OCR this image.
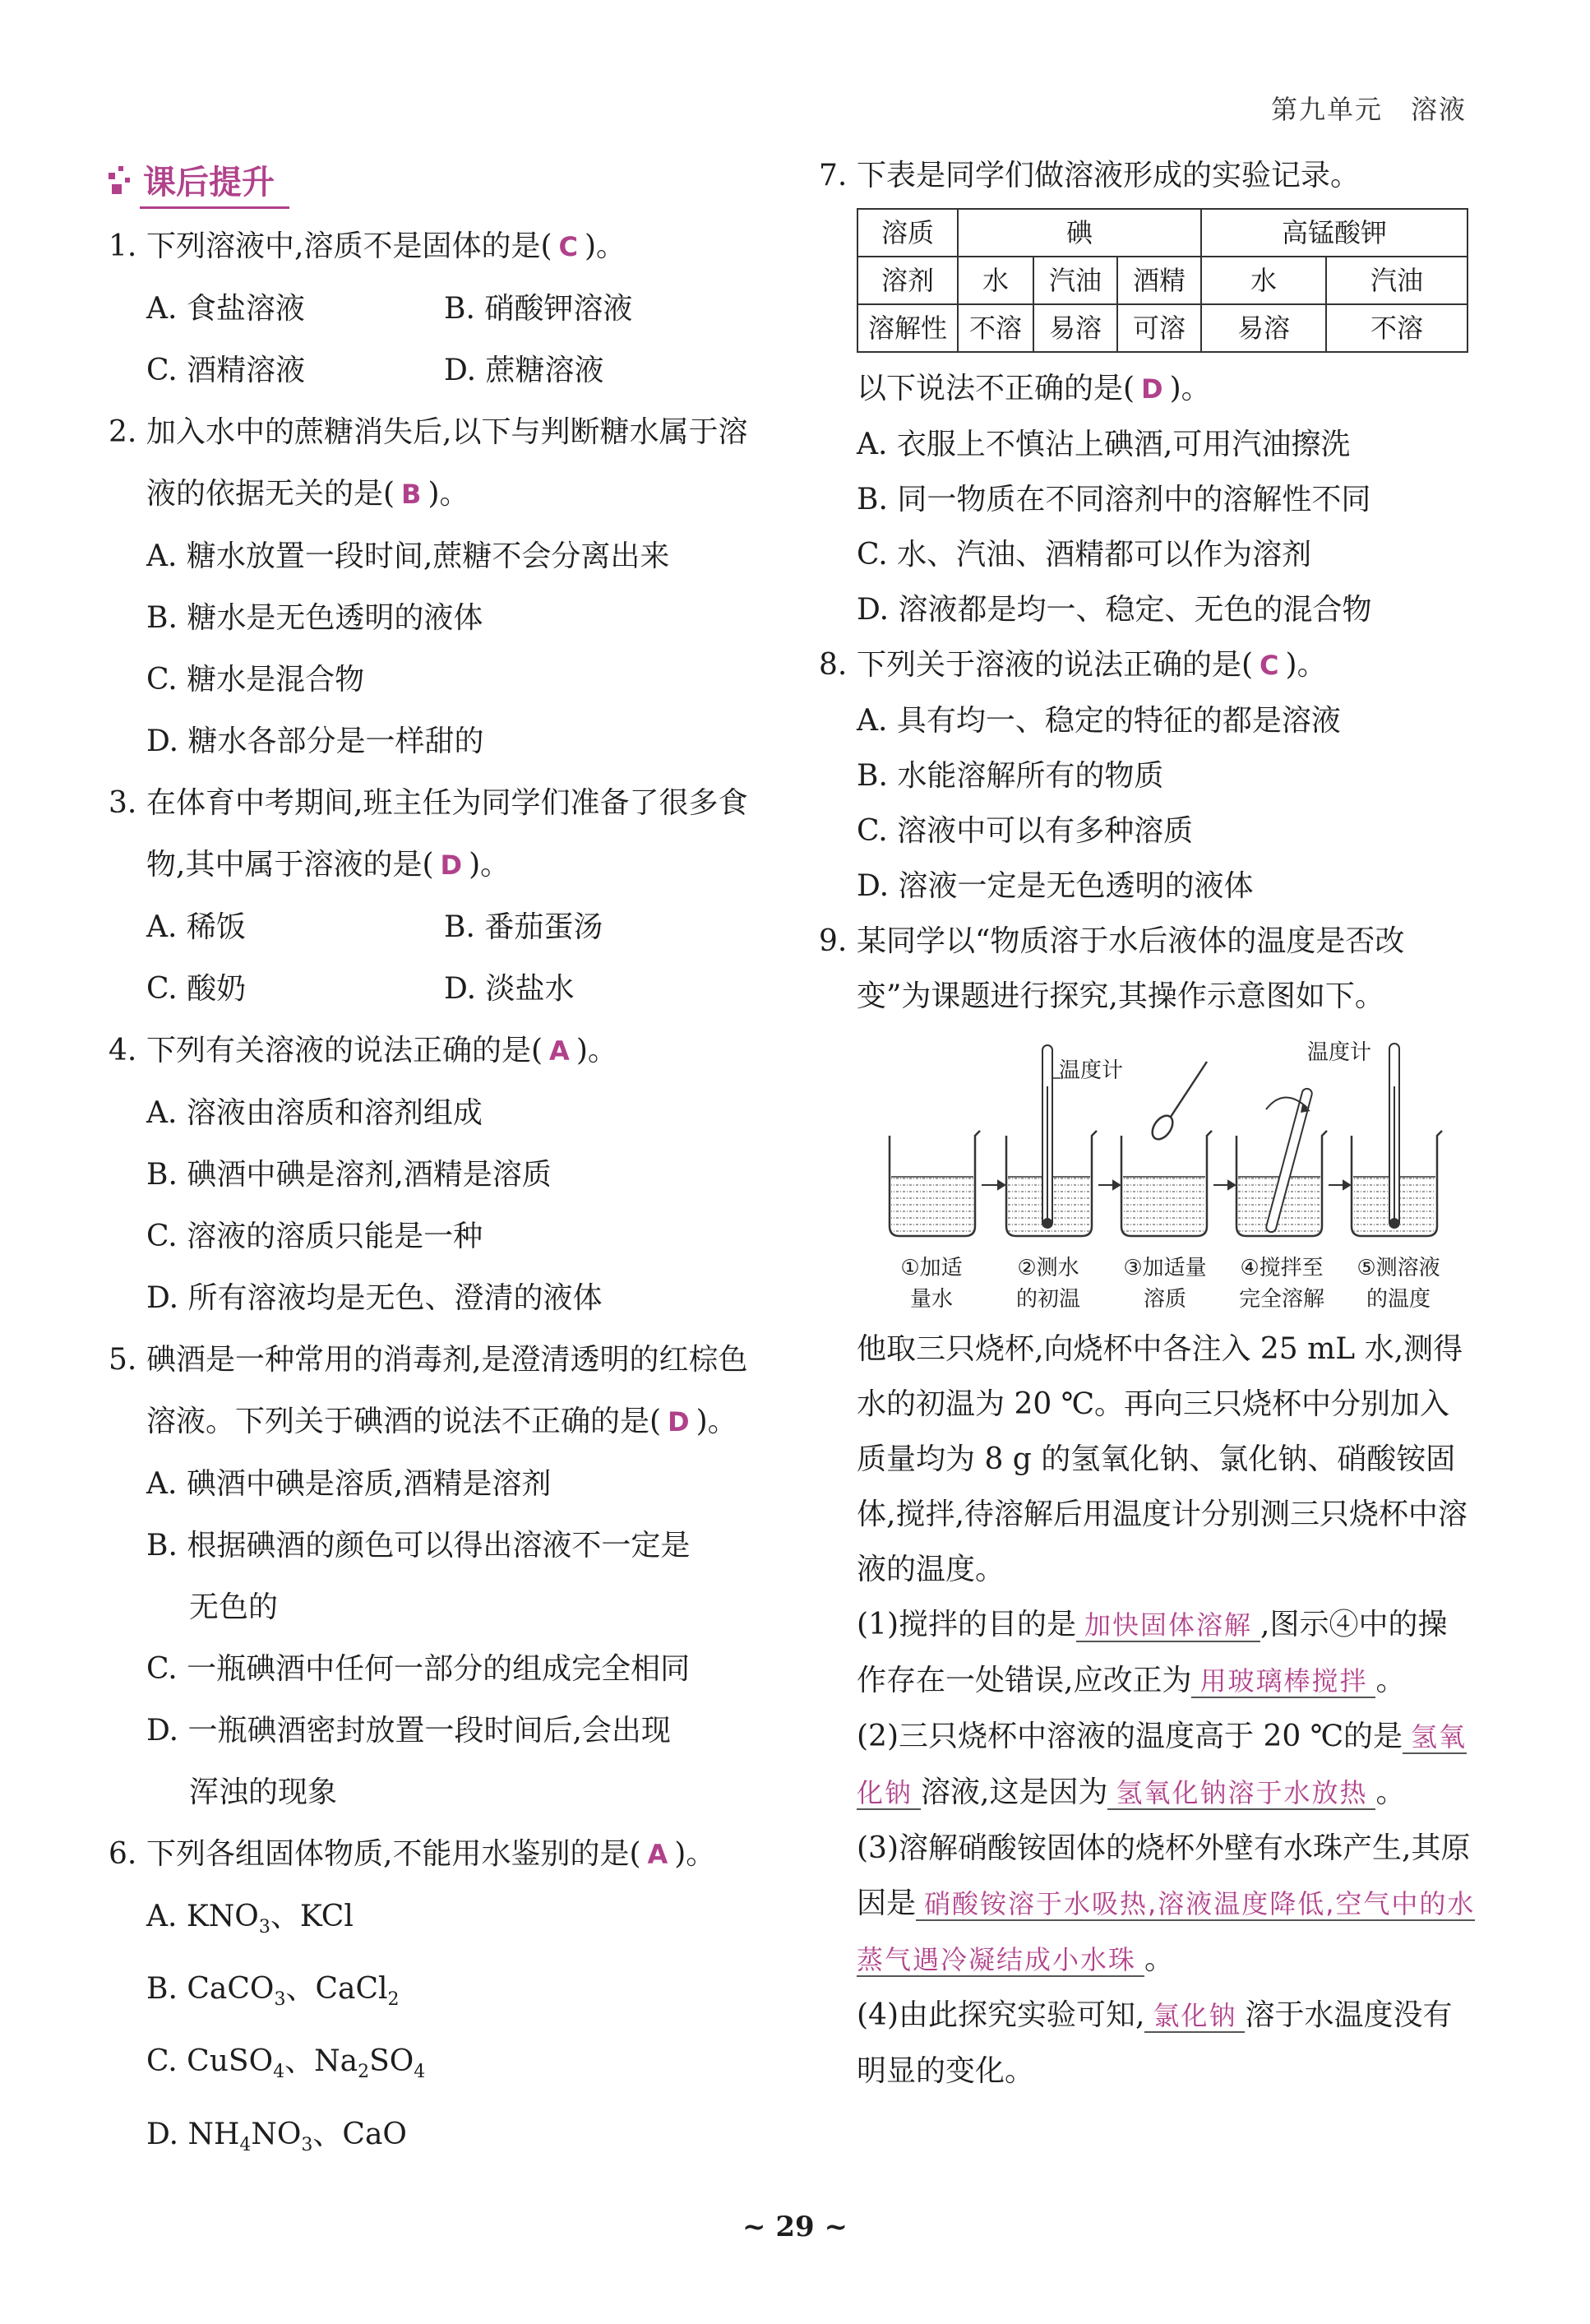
第九单元 溶液
课后提升

1. 下列溶液中,溶质不是固体的是( C )。

A. 食盐溶液	B. 硝酸钾溶液
C. 酒精溶液	D. 蔗糖溶液

2. 加入水中的蔗糖消失后,以下与判断糖水属于溶液的依据无关的是( B )。

A. 糖水放置一段时间,蔗糖不会分离出来

B. 糖水是无色透明的液体

C. 糖水是混合物

D. 糖水各部分是一样甜的

3. 在体育中考期间,班主任为同学们准备了很多食物,其中属于溶液的是( D )。

A. 稀饭	B. 番茄蛋汤
C. 酸奶	D. 淡盐水

4. 下列有关溶液的说法正确的是( A )。

A. 溶液由溶质和溶剂组成

B. 碘酒中碘是溶剂,酒精是溶质

C. 溶液的溶质只能是一种

D. 所有溶液均是无色、澄清的液体

5. 碘酒是一种常用的消毒剂,是澄清透明的红棕色溶液。下列关于碘酒的说法不正确的是( D )。

A. 碘酒中碘是溶质,酒精是溶剂

B. 根据碘酒的颜色可以得出溶液不一定是
无色的

C. 一瓶碘酒中任何一部分的组成完全相同

D. 一瓶碘酒密封放置一段时间后,会出现
浑浊的现象

6. 下列各组固体物质,不能用水鉴别的是( A )。

A. $KNO_3$、KCl

B. CaCO$_3$、CaCl$_2$

C. CuSO$_4$、$Na_2SO_4$

D. $NH_4NO_3$、CaO

7. 下表是同学们做溶液形成的实验记录。

溶质	碘			高锰酸钾	
溶剂	水	汽油	酒精	水	汽油
溶解性	不溶	易溶	可溶	易溶	不溶

以下说法不正确的是( D )。

A. 衣服上不慎沾上碘酒,可用汽油擦洗

B. 同一物质在不同溶剂中的溶解性不同

C. 水、汽油、酒精都可以作为溶剂

D. 溶液都是均一、稳定、无色的混合物

8. 下列关于溶液的说法正确的是( C )。

A. 具有均一、稳定的特征的都是溶液

B. 水能溶解所有的物质

C. 溶液中可以有多种溶质

D. 溶液一定是无色透明的液体

9. 某同学以“物质溶于水后液体的温度是否改变”为课题进行探究,其操作示意图如下。

温度计
温度计
①加适
量水
②测水
的初温
③加适量
溶质
④搅拌至
完全溶解
⑤测溶液
的温度

他取三只烧杯,向烧杯中各注入 25 mL 水,测得水的初温为 20 ℃。再向三只烧杯中分别加入质量均为 8 g 的氢氧化钠、氯化钠、硝酸铵固体,搅拌,待溶解后用温度计分别测三只烧杯中溶液的温度。

(1)搅拌的目的是 加快固体溶解 ,图示④中的操作存在一处错误,应改正为 用玻璃棒搅拌 。

(2)三只烧杯中溶液的温度高于 20 ℃的是 氢氧化钠 溶液,这是因为 氢氧化钠溶于水放热 。

(3)溶解硝酸铵固体的烧杯外壁有水珠产生,其原因是 硝酸铵溶于水吸热,溶液温度降低,空气中的水蒸气遇冷凝结成小水珠 。

(4)由此探究实验可知, 氯化钠 溶于水温度没有明显的变化。

~ 29 ~
